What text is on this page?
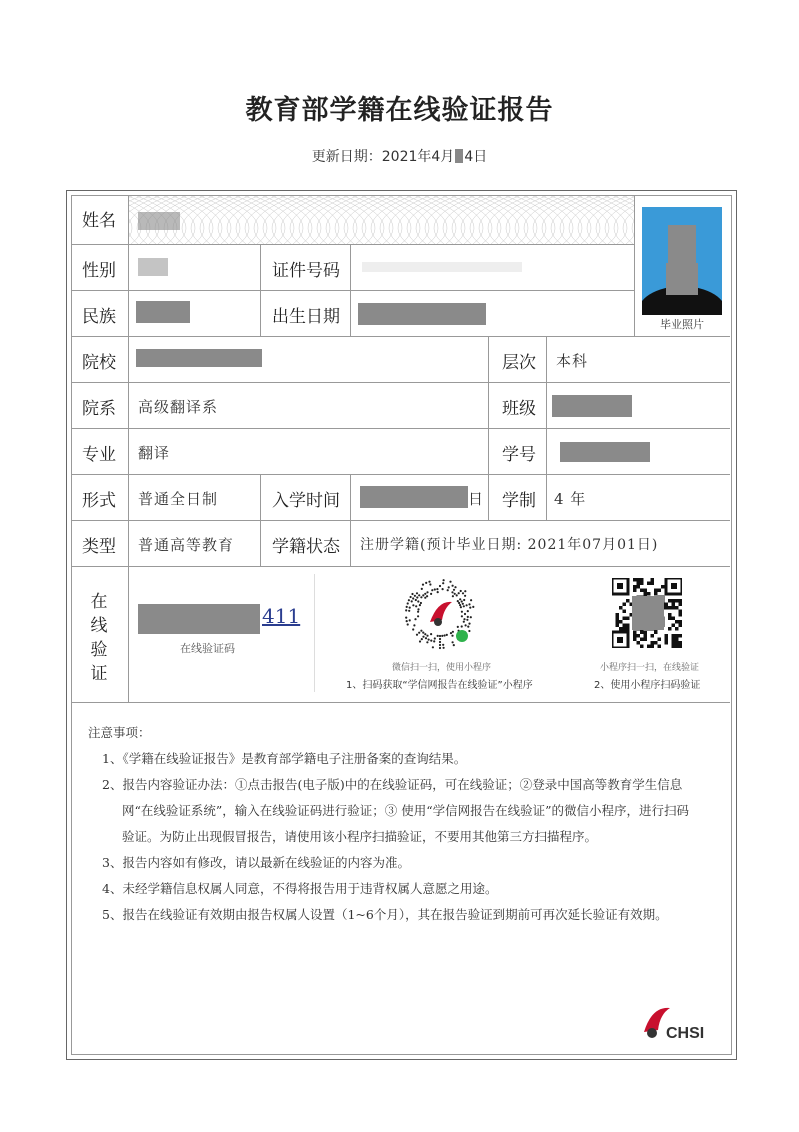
教育部学籍在线验证报告
更新日期：2021年4月 4日
姓名
性别	证件号码
民族	出生日期	毕业照片
院校	层次 本科
院系 高级翻译系	班级
专业 翻译	学号
形式 普通全日制	入学时间	日 学制 4 年
类型 普通高等教育 学籍状态 注册学籍(预计毕业日期: 2021年07月01日)
在线验证
411
在线验证码
微信扫一扫，使用小程序
1、扫码获取“学信网报告在线验证”小程序
小程序扫一扫，在线验证
2、使用小程序扫码验证
注意事项：
1、《学籍在线验证报告》是教育部学籍电子注册备案的查询结果。
2、报告内容验证办法：①点击报告(电子版)中的在线验证码，可在线验证；②登录中国高等教育学生信息网“在线验证系统”，输入在线验证码进行验证；③ 使用“学信网报告在线验证”的微信小程序，进行扫码验证。为防止出现假冒报告，请使用该小程序扫描验证，不要用其他第三方扫描程序。
3、报告内容如有修改，请以最新在线验证的内容为准。
4、未经学籍信息权属人同意，不得将报告用于违背权属人意愿之用途。
5、报告在线验证有效期由报告权属人设置（1~6个月），其在报告验证到期前可再次延长验证有效期。
CHSI
